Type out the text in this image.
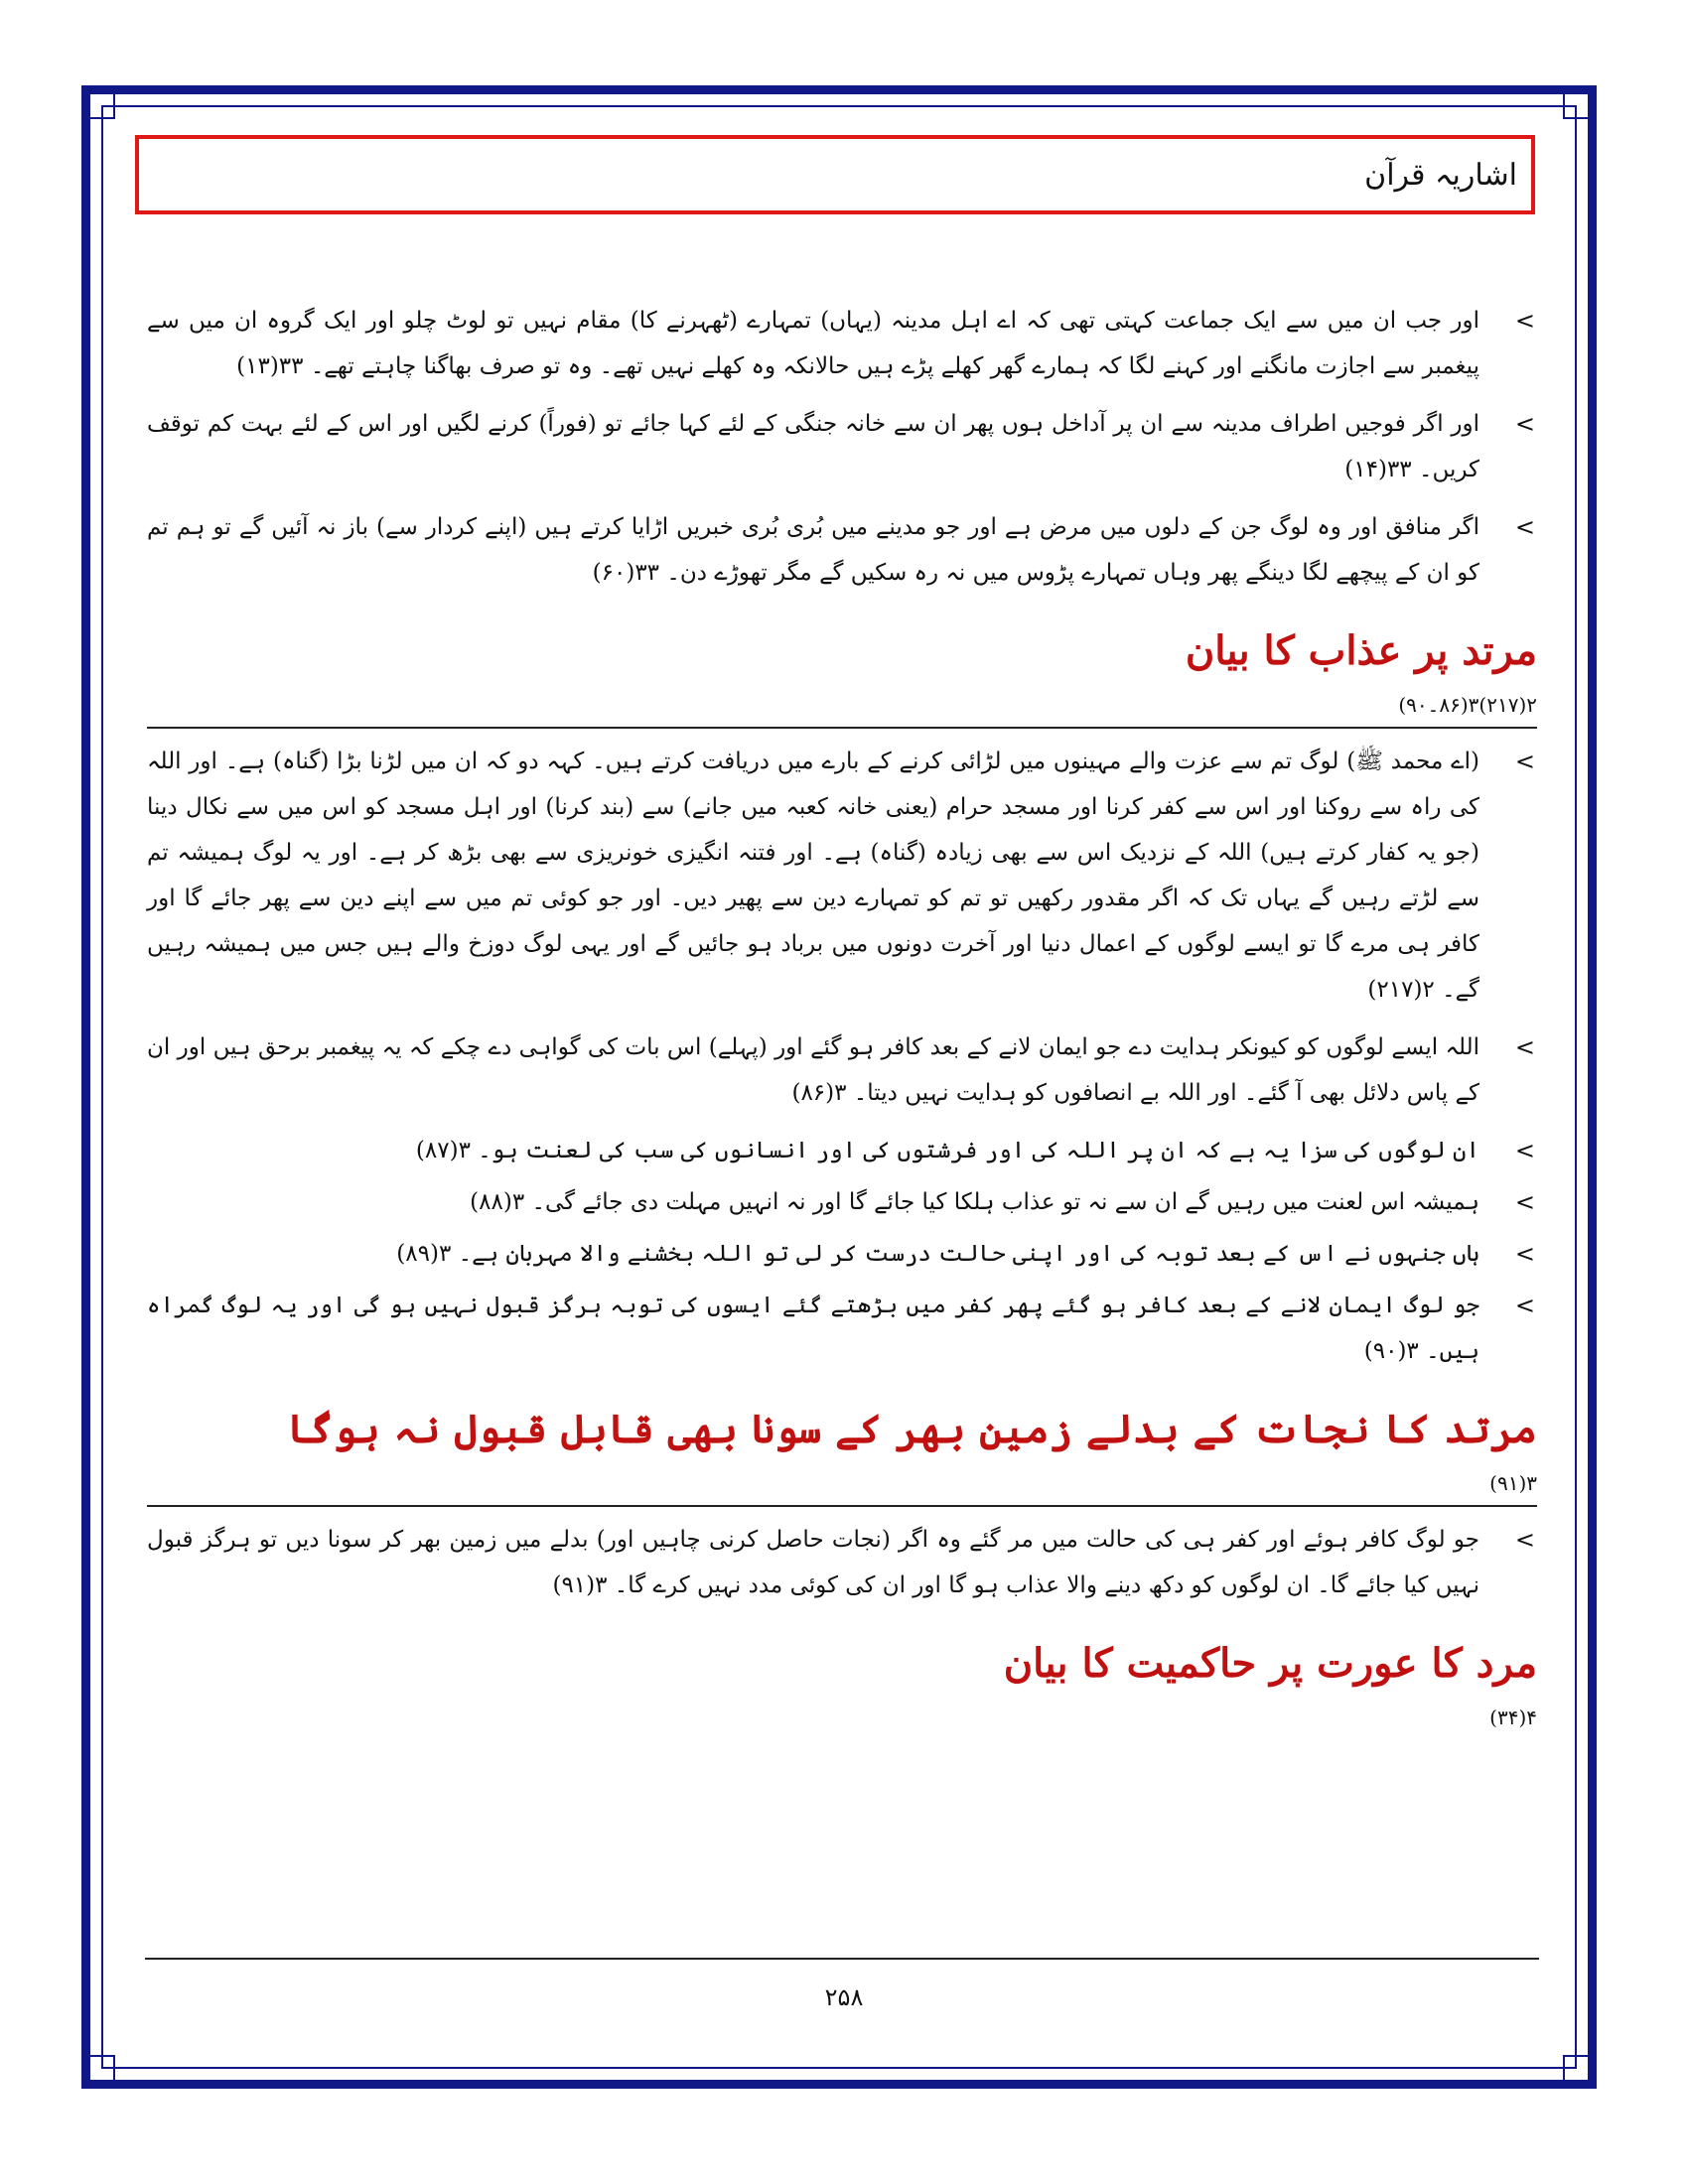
اشاریہ قرآن
>
اور جب ان میں سے ایک جماعت کہتی تھی کہ اے اہل مدینہ (یہاں) تمہارے (ٹھہرنے کا) مقام نہیں تو لوٹ چلو اور ایک گروہ ان میں سے پیغمبر سے اجازت مانگنے اور کہنے لگا کہ ہمارے گھر کھلے پڑے ہیں حالانکہ وہ کھلے نہیں تھے۔ وہ تو صرف بھاگنا چاہتے تھے۔ ۳۳(۱۳)
>
اور اگر فوجیں اطراف مدینہ سے ان پر آداخل ہوں پھر ان سے خانہ جنگی کے لئے کہا جائے تو (فوراً) کرنے لگیں اور اس کے لئے بہت کم توقف کریں۔ ۳۳(۱۴)
>
اگر منافق اور وہ لوگ جن کے دلوں میں مرض ہے اور جو مدینے میں بُری بُری خبریں اڑایا کرتے ہیں (اپنے کردار سے) باز نہ آئیں گے تو ہم تم کو ان کے پیچھے لگا دینگے پھر وہاں تمہارے پڑوس میں نہ رہ سکیں گے مگر تھوڑے دن۔ ۳۳(۶۰)
مرتد پر عذاب کا بیان
۲(۲۱۷)۳(۸۶۔۹۰)
>
(اے محمد ﷺ) لوگ تم سے عزت والے مہینوں میں لڑائی کرنے کے بارے میں دریافت کرتے ہیں۔ کہہ دو کہ ان میں لڑنا بڑا (گناہ) ہے۔ اور اللہ کی راہ سے روکنا اور اس سے کفر کرنا اور مسجد حرام (یعنی خانہ کعبہ میں جانے) سے (بند کرنا) اور اہل مسجد کو اس میں سے نکال دینا (جو یہ کفار کرتے ہیں) اللہ کے نزدیک اس سے بھی زیادہ (گناہ) ہے۔ اور فتنہ انگیزی خونریزی سے بھی بڑھ کر ہے۔ اور یہ لوگ ہمیشہ تم سے لڑتے رہیں گے یہاں تک کہ اگر مقدور رکھیں تو تم کو تمہارے دین سے پھیر دیں۔ اور جو کوئی تم میں سے اپنے دین سے پھر جائے گا اور کافر ہی مرے گا تو ایسے لوگوں کے اعمال دنیا اور آخرت دونوں میں برباد ہو جائیں گے اور یہی لوگ دوزخ والے ہیں جس میں ہمیشہ رہیں گے۔ ۲(۲۱۷)
>
اللہ ایسے لوگوں کو کیونکر ہدایت دے جو ایمان لانے کے بعد کافر ہو گئے اور (پہلے) اس بات کی گواہی دے چکے کہ یہ پیغمبر برحق ہیں اور ان کے پاس دلائل بھی آ گئے۔ اور اللہ بے انصافوں کو ہدایت نہیں دیتا۔ ۳(۸۶)
>
ان لوگوں کی سزا یہ ہے کہ ان پر اللہ کی اور فرشتوں کی اور انسانوں کی سب کی لعنت ہو۔ ۳(۸۷)
>
ہمیشہ اس لعنت میں رہیں گے ان سے نہ تو عذاب ہلکا کیا جائے گا اور نہ انہیں مہلت دی جائے گی۔ ۳(۸۸)
>
ہاں جنہوں نے اس کے بعد توبہ کی اور اپنی حالت درست کر لی تو اللہ بخشنے والا مہربان ہے۔ ۳(۸۹)
>
جو لوگ ایمان لانے کے بعد کافر ہو گئے پھر کفر میں بڑھتے گئے ایسوں کی توبہ ہرگز قبول نہیں ہو گی اور یہ لوگ گمراہ ہیں۔ ۳(۹۰)
مرتد کا نجات کے بدلے زمین بھر کے سونا بھی قابل قبول نہ ہوگا
۳(۹۱)
>
جو لوگ کافر ہوئے اور کفر ہی کی حالت میں مر گئے وہ اگر (نجات حاصل کرنی چاہیں اور) بدلے میں زمین بھر کر سونا دیں تو ہرگز قبول نہیں کیا جائے گا۔ ان لوگوں کو دکھ دینے والا عذاب ہو گا اور ان کی کوئی مدد نہیں کرے گا۔ ۳(۹۱)
مرد کا عورت پر حاکمیت کا بیان
۴(۳۴)
۲۵۸
